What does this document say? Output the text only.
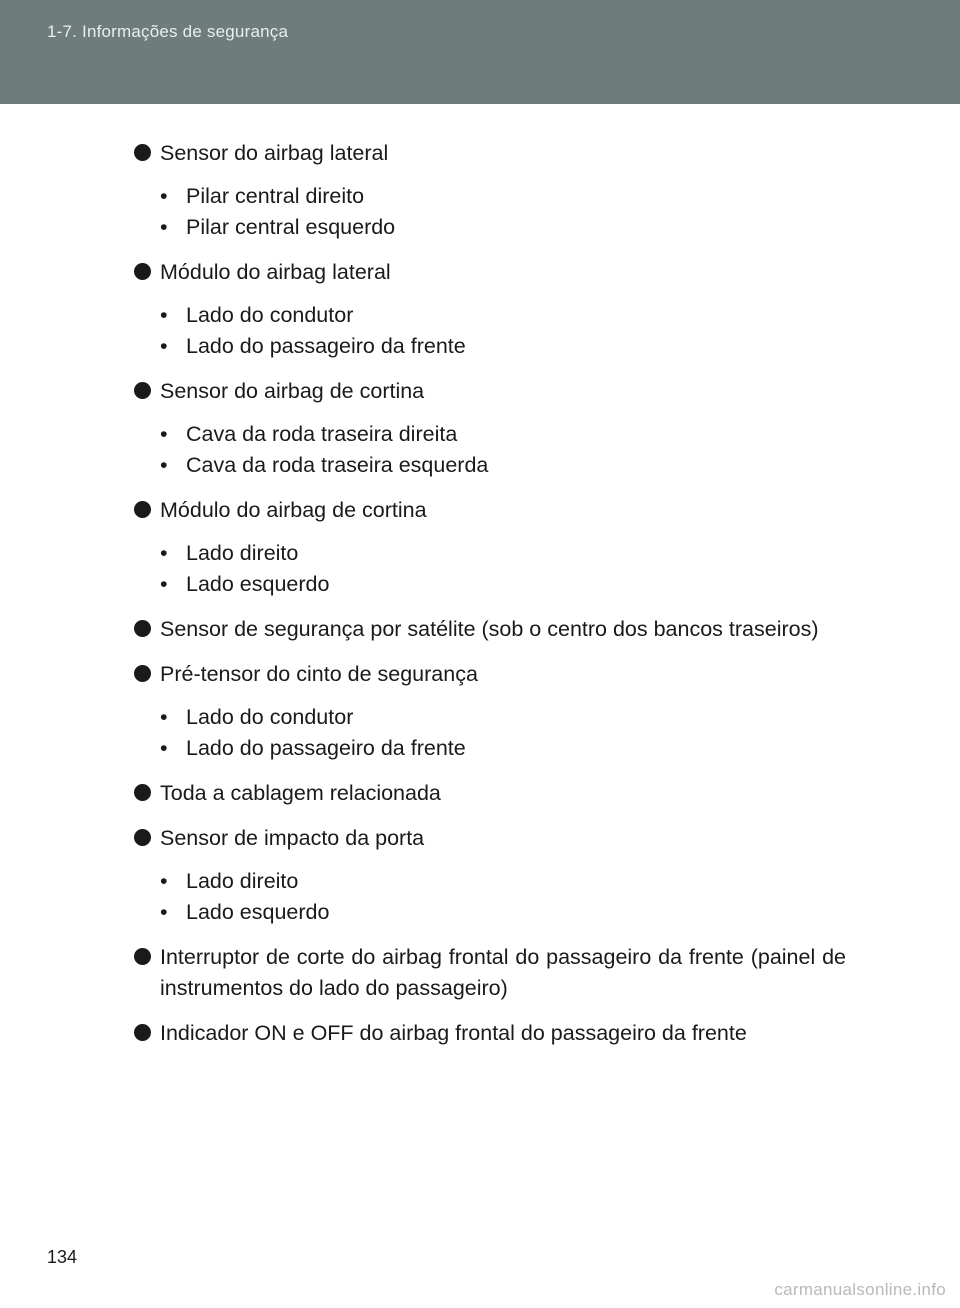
1-7. Informações de segurança
Sensor do airbag lateral
• Pilar central direito
• Pilar central esquerdo
Módulo do airbag lateral
• Lado do condutor
• Lado do passageiro da frente
Sensor do airbag de cortina
• Cava da roda traseira direita
• Cava da roda traseira esquerda
Módulo do airbag de cortina
• Lado direito
• Lado esquerdo
Sensor de segurança por satélite (sob o centro dos bancos traseiros)
Pré-tensor do cinto de segurança
• Lado do condutor
• Lado do passageiro da frente
Toda a cablagem relacionada
Sensor de impacto da porta
• Lado direito
• Lado esquerdo
Interruptor de corte do airbag frontal do passageiro da frente (painel de instrumentos do lado do passageiro)
Indicador ON e OFF do airbag frontal do passageiro da frente
134
carmanualsonline.info
